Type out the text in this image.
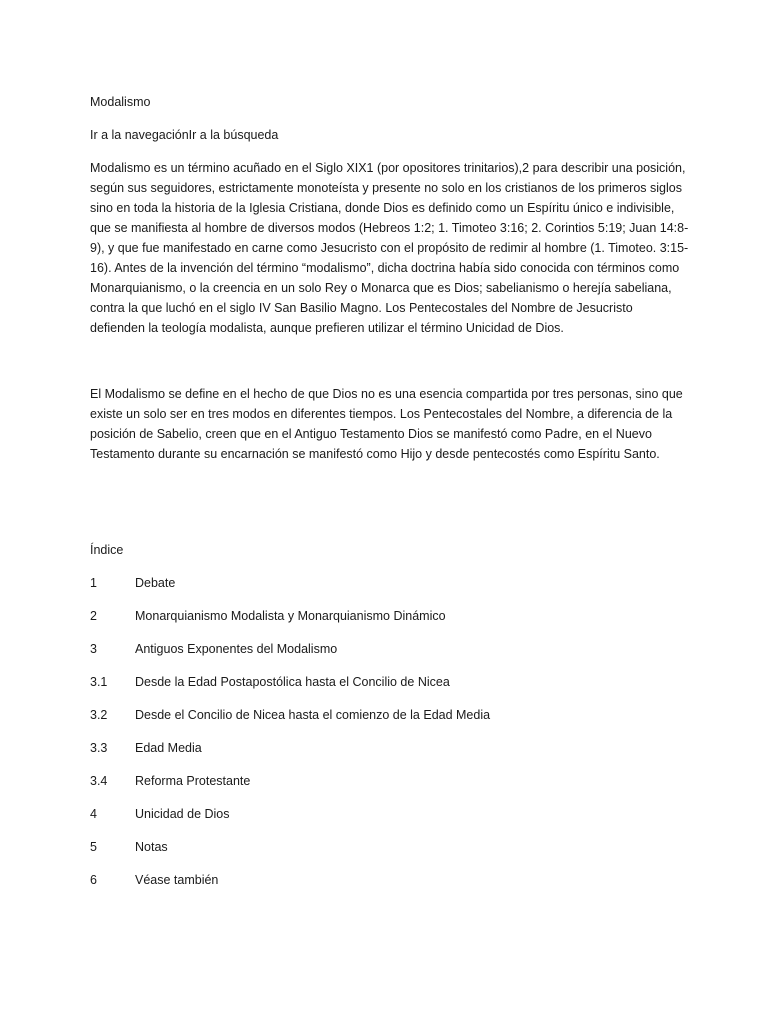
Modalismo

Ir a la navegaciónIr a la búsqueda

Modalismo es un término acuñado en el Siglo XIX1 (por opositores trinitarios),2 para describir una posición, según sus seguidores, estrictamente monoteísta y presente no solo en los cristianos de los primeros siglos sino en toda la historia de la Iglesia Cristiana, donde Dios es definido como un Espíritu único e indivisible, que se manifiesta al hombre de diversos modos (Hebreos 1:2; 1. Timoteo 3:16; 2. Corintios 5:19; Juan 14:8-9), y que fue manifestado en carne como Jesucristo con el propósito de redimir al hombre (1. Timoteo. 3:15-16). Antes de la invención del término “modalismo”, dicha doctrina había sido conocida con términos como Monarquianismo, o la creencia en un solo Rey o Monarca que es Dios; sabelianismo o herejía sabeliana, contra la que luchó en el siglo IV San Basilio Magno. Los Pentecostales del Nombre de Jesucristo defienden la teología modalista, aunque prefieren utilizar el término Unicidad de Dios.

El Modalismo se define en el hecho de que Dios no es una esencia compartida por tres personas, sino que existe un solo ser en tres modos en diferentes tiempos. Los Pentecostales del Nombre, a diferencia de la posición de Sabelio, creen que en el Antiguo Testamento Dios se manifestó como Padre, en el Nuevo Testamento durante su encarnación se manifestó como Hijo y desde pentecostés como Espíritu Santo.

Índice

1	Debate
2	Monarquianismo Modalista y Monarquianismo Dinámico
3	Antiguos Exponentes del Modalismo
3.1	Desde la Edad Postapostólica hasta el Concilio de Nicea
3.2	Desde el Concilio de Nicea hasta el comienzo de la Edad Media
3.3	Edad Media
3.4	Reforma Protestante
4	Unicidad de Dios
5	Notas
6	Véase también
